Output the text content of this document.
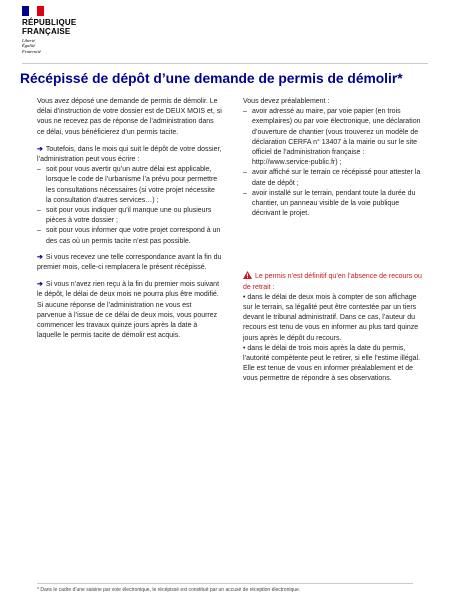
RÉPUBLIQUE
FRANÇAISE
Liberté
Égalité
Fraternité
Récépissé de dépôt d’une demande de permis de démolir*

Vous avez déposé une demande de permis de démolir. Le délai d’instruction de votre dossier est de DEUX MOIS et, si vous ne recevez pas de réponse de l’administration dans ce délai, vous bénéficierez d’un permis tacite.

➔ Toutefois, dans le mois qui suit le dépôt de votre dossier, l’administration peut vous écrire :

– soit pour vous avertir qu’un autre délai est applicable, lorsque le code de l’urbanisme l’a prévu pour permettre les consultations nécessaires (si votre projet nécessite la consultation d’autres services…) ;
– soit pour vous indiquer qu’il manque une ou plusieurs pièces à votre dossier ;
– soit pour vous informer que votre projet correspond à un des cas où un permis tacite n’est pas possible.

➔ Si vous recevez une telle correspondance avant la fin du premier mois, celle-ci remplacera le présent récépissé.

➔ Si vous n’avez rien reçu à la fin du premier mois suivant le dépôt, le délai de deux mois ne pourra plus être modifié. Si aucune réponse de l’administration ne vous est parvenue à l’issue de ce délai de deux mois, vous pourrez commencer les travaux quinze jours après la date à laquelle le permis tacite de démolir est acquis.

Vous devez préalablement :

– avoir adressé au maire, par voie papier (en trois exemplaires) ou par voie électronique, une déclaration d’ouverture de chantier (vous trouverez un modèle de déclaration CERFA n° 13407 à la mairie ou sur le site officiel de l’administration française : http://www.service-public.fr) ;
– avoir affiché sur le terrain ce récépissé pour attester la date de dépôt ;
– avoir installé sur le terrain, pendant toute la durée du chantier, un panneau visible de la voie publique décrivant le projet.

Le permis n’est définitif qu’en l’absence de recours ou de retrait :

• dans le délai de deux mois à compter de son affichage sur le terrain, sa légalité peut être contestée par un tiers devant le tribunal administratif. Dans ce cas, l’auteur du recours est tenu de vous en informer au plus tard quinze jours après le dépôt du recours.
• dans le délai de trois mois après la date du permis, l’autorité compétente peut le retirer, si elle l’estime illégal. Elle est tenue de vous en informer préalablement et de vous permettre de répondre à ses observations.
* Dans le cadre d’une saisine par voie électronique, le récépissé est constitué par un accusé de réception électronique.
